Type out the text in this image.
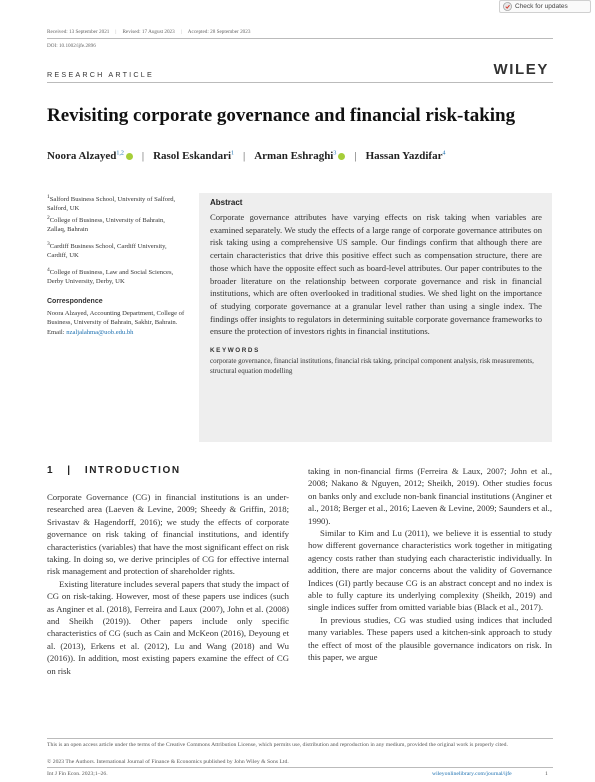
Check for updates
Received: 13 September 2021 | Revised: 17 August 2023 | Accepted: 28 September 2023
DOI: 10.1002/ijfe.2896
RESEARCH ARTICLE	WILEY
Revisiting corporate governance and financial risk-taking
Noora Alzayed$^{1,2}$	| Rasol Eskandari$^1$ | Arman Eshraghi$^3$	| Hassan Yazdifar$^4$
$^1$Salford Business School, University of Salford, Salford, UK
$^2$College of Business, University of Bahrain, Zallaq, Bahrain
$^3$Cardiff Business School, Cardiff University, Cardiff, UK
$^4$College of Business, Law and Social Sciences, Derby University, Derby, UK
Correspondence
Noora Alzayed, Accounting Department, College of Business, University of Bahrain, Sakhir, Bahrain. Email: nzaljalahma@uob.edu.bh
Abstract

Corporate governance attributes have varying effects on risk taking when variables are examined separately. We study the effects of a large range of corporate governance attributes on risk taking using a comprehensive US sample. Our findings confirm that although there are certain characteristics that drive this positive effect such as compensation structure, there are those which have the opposite effect such as board-level attributes. Our paper contributes to the broader literature on the relationship between corporate governance and risk in financial institutions, which are often overlooked in traditional studies. We shed light on the importance of studying corporate governance at a granular level rather than using a single index. The findings offer insights to regulators in determining suitable corporate governance frameworks to ensure the protection of investors rights in financial institutions.

KEYWORDS
corporate governance, financial institutions, financial risk taking, principal component analysis, risk measurements, structural equation modelling
1   |   INTRODUCTION

Corporate Governance (CG) in financial institutions is an under-researched area (Laeven & Levine, 2009; Sheedy & Griffin, 2018; Srivastav & Hagendorff, 2016); we study the effects of corporate governance on risk taking of financial institutions, and identify characteristics (variables) that have the most significant effect on risk taking. In doing so, we derive principles of CG for effective internal risk management and protection of shareholder rights.

Existing literature includes several papers that study the impact of CG on risk-taking. However, most of these papers use indices (such as Anginer et al. (2018), Ferreira and Laux (2007), John et al. (2008) and Sheikh (2019)). Other papers include only specific characteristics of CG (such as Cain and McKeon (2016), Deyoung et al. (2013), Erkens et al. (2012), Lu and Wang (2018) and Wu (2016)). In addition, most existing papers examine the effect of CG on risk

taking in non-financial firms (Ferreira & Laux, 2007; John et al., 2008; Nakano & Nguyen, 2012; Sheikh, 2019). Other studies focus on banks only and exclude non-bank financial institutions (Anginer et al., 2018; Berger et al., 2016; Laeven & Levine, 2009; Saunders et al., 1990).

Similar to Kim and Lu (2011), we believe it is essential to study how different governance characteristics work together in mitigating agency costs rather than studying each characteristic individually. In addition, there are major concerns about the validity of Governance Indices (GI) partly because CG is an abstract concept and no index is able to fully capture its underlying complexity (Sheikh, 2019) and single indices suffer from omitted variable bias (Black et al., 2017).

In previous studies, CG was studied using indices that included many variables. These papers used a kitchen-sink approach to study the effect of most of the plausible governance indicators on risk. In this paper, we argue

This is an open access article under the terms of the Creative Commons Attribution License, which permits use, distribution and reproduction in any medium, provided the original work is properly cited.
© 2023 The Authors. International Journal of Finance & Economics published by John Wiley & Sons Ltd.
Int J Fin Econ. 2023;1–26.	wileyonlinelibrary.com/journal/ijfe	1
